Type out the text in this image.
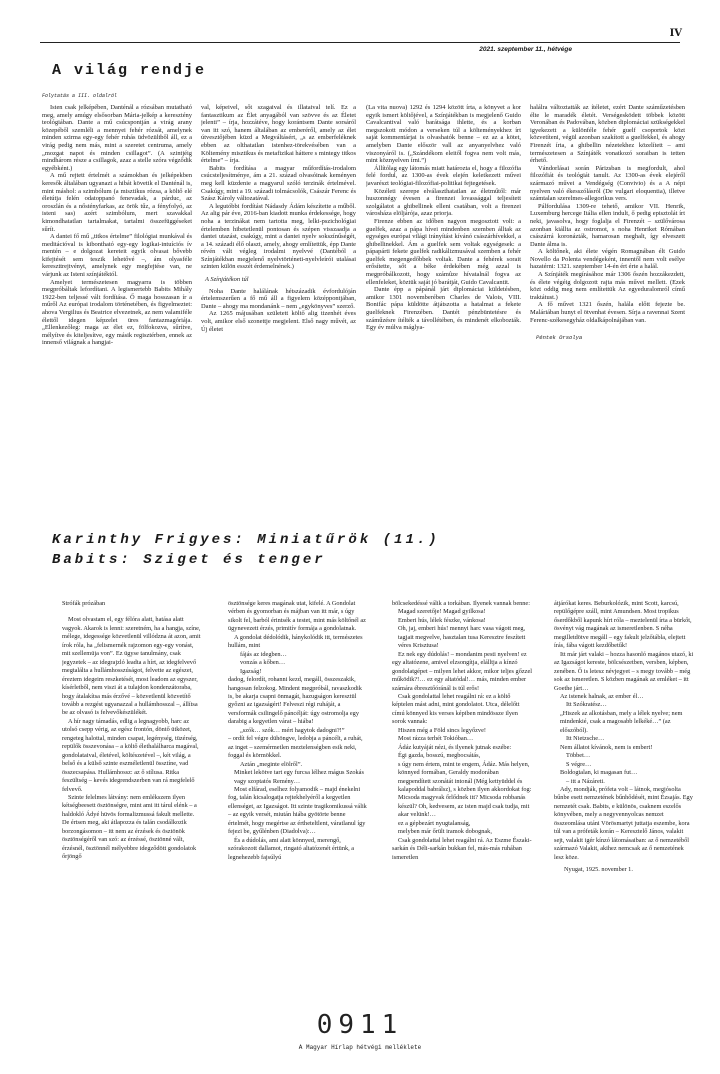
IV
2021. szeptember 11., hétvége
A világ rendje
Folytatás a III. oldalról

Isten csak jelképében, Danténál a rózsában mutatható meg, amely amúgy elsősorban Mária-jelkép a keresztény teológiában. Dante a mű csúcspontján a virág arany közepéből szemléli a mennyei fehér rózsát, amelynek minden szirma egy-egy fehér ruhás üdvözültből áll, ez a virág pedig nem más, mint a szeretet centruma, amely „mozgat napot és minden csillagot”. (A szintjéig mindhárom része a csillagok, azaz a stelle szóra végződik egyébként.)

A mű rejtett értelmét a számokban és jelképekben keresők általában ugyanazt a hibát követik el Danténál is, mint máshol: a szimbólum (a misztikus rózsa, a költő elé életútja felén odatoppanó fenevadak, a párduc, az oroszlán és a nőstényfarkas, az örök tűz, a fényfolyó, az isteni sas) azért szimbólum, mert szavakkal kimondhatatlan tartalmakat, tartalmi összefüggéseket sűrít.

A dantei fő mű „titkos értelme” filológiai munkával és meditációval is kibontható egy-egy logikai-intuíciós ív mentén – e dolgozat kereteit egyik olvasat bővebb kifejtését sem teszik lehetővé –, ám olyasféle kereszttrejtvényt, amelynek egy megfejtése van, ne várjunk az Isteni színjátéktól.

Amelyet természetesen magyarra is többen megpróbáltak lefordítani. A legismertebb Babits Mihály 1922-ben teljessé vált fordítása. Ő maga hosszasan ír a műről Az európai irodalom történetében, és figyelmeztet: ahova Vergilius és Beatrice elvezetnek, az nem valamiféle élettől idegen képzelet üres fantazmagóriája. „Ellenkezőleg: maga az élet ez, fölfokozva, sűrítve, mélyítve és kiteljesítve, egy másik regisztérben, ennek az innenső világnak a hangjai-

val, képeivel, sőt szagaival és illataival telí. Ez a fantasztikum az Élet anyagából van szövve és az Életet jelenti” – írja, hozzátéve, hogy korántsem Dante sorsáról van itt szó, hanem általában az emberéről, amely az élet útvesztőjében küzd a Megváltásért, „s az emberfeléknek ebben az olthatatlan istenhez-törekvésében van a Költemény misztikus és metafizikai háttere s mintegy titkos értelme” – írja.

Babits fordítása a magyar műfordítás-irodalom csúcsteljesítménye, ám a 21. század olvasóinak keményen meg kell küzdenie a magyarul szóló terzinák értelmével. Csakúgy, mint a 19. századi tolmácsolók, Császár Ferenc és Szász Károly változatával.

A legutóbbi fordítást Nádasdy Ádám készítette a műből. Az alig pár éve, 2016-ban kiadott munka érdekessége, hogy noha a terzinákat nem tartotta meg, lelki-pszichológiai értelemben hibetetlenül pontosan és szépen visszaadja a dantei utazást, csakúgy, mint a dantei nyelv sokszínűségét, a 14. századi élő olaszt, amely, ahogy említettük, épp Dante révén vált végleg irodalmi nyelvvé (Dantéból a Színjátékban megjelenő nyelvtörténeti-nyelvleírói utalásai szinten külön esszét érdemelnének.)

A Színjátékon túl

Noha Dante halálának hétszázadik évfordulóján értelemszerűen a fő mű áll a figyelem középpontjában, Dante – ahogy ma mondanánk – nem „egykönyves” szerző.

Az 1265 májusában született költő alig tizenhét éves volt, amikor első szonettje megjelent. Első nagy művét, az Új életet

(La vita nuova) 1292 és 1294 között írta, a könyvet a kor egyik ismert költőjével, a Színjátékban is megjelenő Guido Cavalcantival való barátsága ihlette, és a korban megszokott módon a verseken túl a költeményekhez írt saját kommentárjai is olvashatók benne – ez az a kötet, amelyben Dante először vall az anyanyelvhez való viszonyáról is. („Szándékom eleitől fogva nem volt más, mint köznyelven írni.”)

Állítólag egy látomás miatt határozta el, hogy a filozófia felé fordul, az 1300-as évek elején keletkezett művei javarészt teológiai-filozófiai-politikai fejtegetések.

Közéleti szerepe elválaszthatatlan az életműtől: már huszonnégy évesen a firenzei lovassággal teljesített szolgálatot a ghibellinek elleni csatában, volt a firenzei városháza elöljárója, azaz priorja.

Firenze ebben az időben nagyon megosztott volt: a guelfek, azaz a pápa hívei mindenben szemben álltak az egységes európai világi irányítást kívánó császárhívekkel, a ghibellinekkel. Ám a guelfek sem voltak egységesek: a pápapárti fekete guelfek radikálizmusával szemben a fehér guelfek megengedőbbek voltak. Dante a fehérek sorait erősítette, sőt a béke érdekében még azzal is megpróbálkozott, hogy számûze hívatalnál fogva az ellenfeleket, köztük saját jó barátját, Guido Cavalcantit.

Dante épp a pápánál járt diplomáciai küldetésben, amikor 1301 novemberében Charles de Valois, VIII. Bonifác pápa küldötte átjátszotta a hatalmat a fekete guelfeknek Firenzében. Dantét pénzbüntetésre és száműzésre ítélték a távollétében, és mindenét elkobozták. Egy év múlva máglya-

halálra változtatták az ítéletet, ezért Dante száműzetésben élte le maradék életét. Verségesködett többek között Veronában és Padovában, közben diplomáciai szükségekkel igyekezett a különféle fehér guelf csoportok közt közvetíteni, végül azonban szakított a guelfekkel, és ahogy Firenzét írta, a ghibellin nézetekhez közelített – ami természetesen a Színjáték vonatkozó soraiban is tetten érhető.

Vándorlásai során Párizsban is megfordult, ahol filozófiát és teológiát tanult. Az 1300-as évek elejéről származó művei a Vendégség (Convivio) és a A népi nyelven való ékesszólásról (De vulgari eloquentia), illetve számtalan szerelmes-allegorikus vers.

Pálfordulása 1309-re tehető, amikor VII. Henrik, Luxemburg hercege Itália ellen indult, ő pedig episztolát írt neki, javasolva, hogy foglalja el Firenzét – szülővárosa azonban kiállta az ostromot, s noha Henriket Rómában császárrá koronázták, hamarosan meghalt, így elveszett Dante álma is.

A költőnek, aki élete végén Romagnában élt Guido Novello da Polenta vendégeként, innentől nem volt esélye hazatérni: 1321. szeptember 14-én ért érte a halál.

A Színjáték megírásához már 1306 őszén hozzákezdett, és élete végéig dolgozott rajta más művei mellett. (Ezek közt oddig meg nem említettük Az egyeduralomról című traktátust.)

A fő művet 1321 őszén, halála előtt fejezte be. Maláriában hunyt el ötvenhat évesen. Sírja a ravennai Szent Ferenc-székesegyház oldalkápolnájában van.

Péntek Orsolya

Karinthy Frigyes: Miniatűrök (11.)
Babits: Sziget és tenger

Strófák prózában

Most olvastam el, egy félóra alatt, hatása alatt vagyok. Akarok is lenni: szeretném, ha a hangja, színe, mélege, idegessége közvetlenül villódzna át azon, amit írok róla, ha „felismernék rajzomon egy-egy vonást, mit szellemüja von”. Ez ügyse tanulmány, csak jegyzetek – az idegrajzló leadta a hírt, az idegfelvevő megtalálta a hullámhosszúságot, felvette az egészet, éreztem idegeim reszketését, most leadom az egyszer, kísérletből, nem viszi át a tulajdon kondenzátoraba, hogy átalakítsa más érzővé – közvetlenül közvetítő tovább a rezgést ugyanazzal a hullámhosszal –, állítsa be az olvasó is felvevőkészülékét.

A hír nagy támadás, edlig a legnagyobb, harc az utolsó csepp vérig, az egész frontón, döntő ütközet, rengeteg halottal, minden csapat, legénység, tüzérség, repülők összevonása – a költő élethalálharca magával, gondolataival, életével, költészetével –, két világ, a belső és a külső szinte eszméletlenül össztíne, vad összecsapása. Hullámhossz: az ő stílusa. Ritka feszültség – kevés idegrendszerben van rá megfelelő felvevő.

Szinte felelmes látvány: nem emlékszem ilyen kétségbeesett ösztönségre, mint ami itt tárul elénk – a haldokló Ádyé hüvös formalizmussá fakult mellette. De értsen meg, aki átlapozza és talán csodálkozik borzongásomon – itt nem az érzések és ösztönök ösztönségéről van szó: az érzéssé, ösztönné vált, érzésnél, ösztönnél mélyebbre idegződött gondolatok őrjöngő

ösztönsége keres magának utat, kifelé. A Gondolat vérben és gyomorban és májban van itt már, s úgy sikolt fel, barból érintsék a testet, mint más költőnél az ügynevezett érzés, primitív formája a gondolatnak.

A gondolat dédolódik, hánykolódik itt, természetes hullám, mint

fájás az idegben…

vonzás a kőben…

Igazság!

dadog, felordít, rohanni kezd, megáll, összeszakik, hangosan felzokog. Mindent megpróbál, ravaszkodik is, be akarja csapni önmagát, hazugságon keresztül győzni az igazságért! Felveszi régi ruháját, a versformák csilingelő páncélját: úgy ostromolja egy darabig a kegyetlen várat – hiába!

„szók… szók… mért hagytok dadogni?!”

– ordít fel végre dühöngve, ledobja a páncélt, a ruhát, az inget – szemérmetlen meztelenségben esik neki, foggal és körmökkel.

Aztán „meginte elölről”.

Minket lekötve tart egy furcsa lélhez mágus Szokás vagy szoptatós Remény…

Most elfárad, eselhez folyamodik – majd énekelni fog, talán kicsalogatja rejtekhelyéről a kegyetlen ellenséget, az Igazságot. Itt szinte tragikomikussá válik – az egyik versét, miután hiába gyötörte benne értelmét, hogy megértse az értheteltlent, váratlanul így fejezi be, gyűlénben (Diadolva):…

És a dúdolás, ami alatt könnyed, merengő, szórakozott dallamot, ringató altatózenét értünk, a legnehezebb fajsúlyú

bölcsekedéssé válik a torkában. Ilyenek vannak benne:

Magad szeretője! Magad gyilkosa!

Emberi hús, lélek fészke, vánkosa!

Oh, jaj, emberi hús! mennyi harc vasa vágott meg, tagjait megvelve, hasztalan tusa Keresztre feszített véres Krisztusa!

Ez nek egy dúdolás! – mondanim pesti nyelven! ez egy altatózene, amivel elzsongítja, elálltja a kínzó gondolatgépet – milyen lehet akkor, mikor teljes gőzzel működik?!… ez egy altatódal!… más, minden ember számára ébresztőóránál is túl erős!

Csak gondolattal lehet reagálni rá: ez a költő képtelen mást adni, mint gondolatot. Utca, délelőtt címú könnyed kis verses képiben mindössze ilyen sorok vannak:

Hiszen még a Föld sincs legyőzve!

Most rázza terhét Tokióban…

Ádáz kutyáját nézi, és ilyenek jutnak eszébe:

Égi gazda, bosszú, megbocsátás,

s úgy nem értem, mint te engem, Ádáz. Más helyen, könnyed formában, Geraldy modorában megpendített szonátát intonál (Még kettyüddel és kalapoddal babrálsz), s közben ilyen akkordokat fog:

Micsoda magyvak őrlődnek itt? Micsoda robbanás készül? Oh, kedvesem, az isten majd csak tudja, mit akar velünk!…

ez a gépbezárt nyugtalanság,

melyben már őrült iramok dobognak,

Csak gondolattal lehet reagálni rá. Az Eszme Északi-sarkán és Déli-sarkán bukkan fel, más-más ruhában ismeretlen

átjárókat keres. Beburkolózik, mint Scott, karcsú, repülőgépre száll, mint Amundsen. Most tropikus őserdőkből kapunk hírt róla – meztelenül írta a bürkőt, ösvényt vág magának az ismeretlenben. S néha megilletdötve megáll – egy fakult jelzőtábla, elejtett írás, fába vágott kezdőbetűk!

Itt már járt valaki – hozza hasonló magános utazó, ki az Igazságot kereste, bölcsészetben, versben, képben, zenében. Ő is letesz névjegyet – s megy tovább – még sok az ismeretlen. S közben magának az emléket – itt Goethe járt…

Az istenek halnak, az ember él…

Itt Szókratész…

„Hiszek az alkotásban, mely a lélek nyelve; nem mindenkié, csak a magosabb lelkéké…” (az előszóból).

Itt Nietzsche…

Nem állatot kívánok, nem is embert!

Többet…

S végre…

Boldogtalan, ki magasan fut…

– itt a Názáreti.

Ady, mondják, prófeta volt – látnok, megjósolta bűnbe esett nemzetének bűnhődését, mint Ézsajás. Egy nemzetét csak. Babits, e különös, csaknem eszelős könyvében, mely a negyvennyolcas nemzet összeomlása utáni Vörösmartyt juttatja eszembe, kora túl van a prófeták korán – Keresztelő János, valakit sejt, valakit igér kínzó látomásaiban: az ő nemzetéből származó Valakit, akihez nemcsak az ő nemzetének lesz köze.

Nyugat, 1925. november 1.

0911
A Magyar Hírlap hétvégi melléklete
